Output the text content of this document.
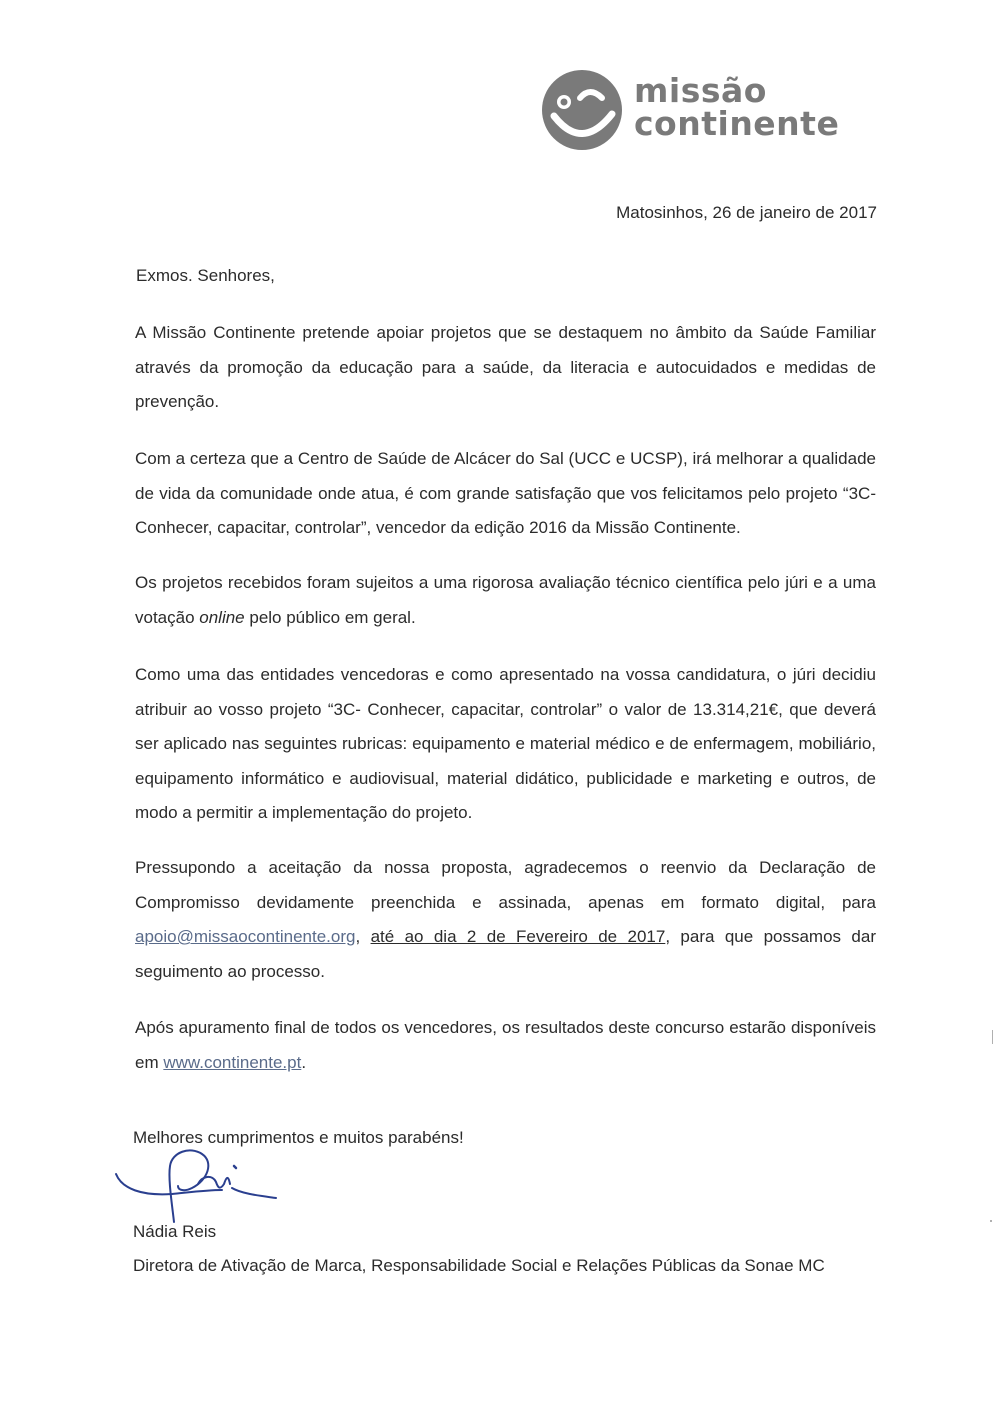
missão
continente
Matosinhos, 26 de janeiro de 2017
Exmos. Senhores,

A Missão Continente pretende apoiar projetos que se destaquem no âmbito da Saúde Familiar através da promoção da educação para a saúde, da literacia e autocuidados e medidas de prevenção.

Com a certeza que a Centro de Saúde de Alcácer do Sal (UCC e UCSP), irá melhorar a qualidade de vida da comunidade onde atua, é com grande satisfação que vos felicitamos pelo projeto “3C- Conhecer, capacitar, controlar”, vencedor da edição 2016 da Missão Continente.

Os projetos recebidos foram sujeitos a uma rigorosa avaliação técnico científica pelo júri e a uma votação online pelo público em geral.

Como uma das entidades vencedoras e como apresentado na vossa candidatura, o júri decidiu atribuir ao vosso projeto “3C- Conhecer, capacitar, controlar” o valor de 13.314,21€, que deverá ser aplicado nas seguintes rubricas: equipamento e material médico e de enfermagem, mobiliário, equipamento informático e audiovisual, material didático, publicidade e marketing e outros, de modo a permitir a implementação do projeto.

Pressupondo a aceitação da nossa proposta, agradecemos o reenvio da Declaração de Compromisso devidamente preenchida e assinada, apenas em formato digital, para apoio@missaocontinente.org, até ao dia 2 de Fevereiro de 2017, para que possamos dar seguimento ao processo.

Após apuramento final de todos os vencedores, os resultados deste concurso estarão disponíveis em www.continente.pt.

Melhores cumprimentos e muitos parabéns!
Nádia Reis
Diretora de Ativação de Marca, Responsabilidade Social e Relações Públicas da Sonae MC
